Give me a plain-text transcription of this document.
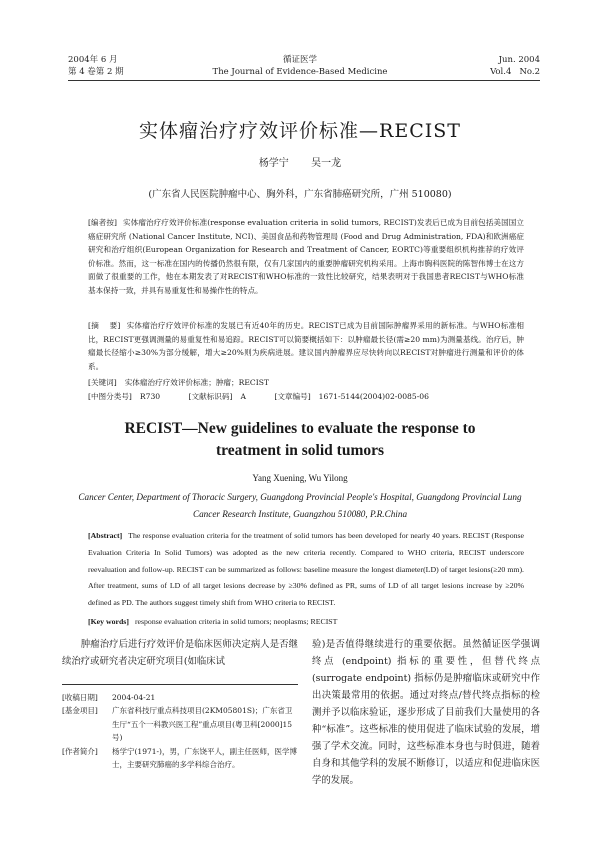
2004年 6 月
第 4 卷第 2 期
循证医学
The Journal of Evidence-Based Medicine
Jun. 2004
Vol.4   No.2
实体瘤治疗疗效评价标准—RECIST
杨学宁  吴一龙
(广东省人民医院肿瘤中心、胸外科，广东省肺癌研究所，广州 510080)
[编者按] 实体瘤治疗疗效评价标准(response evaluation criteria in solid tumors, RECIST)发表后已成为目前包括美国国立癌症研究所 (National Cancer Institute, NCI)、美国食品和药物管理局 (Food and Drug Administration, FDA)和欧洲癌症研究和治疗组织(European Organization for Research and Treatment of Cancer, EORTC)等重要组织机构推荐的疗效评价标准。然而，这一标准在国内的传播仍然很有限，仅有几家国内的重要肿瘤研究机构采用。上海市胸科医院的陈智伟博士在这方面做了很重要的工作，他在本期发表了对RECIST和WHO标准的一致性比较研究，结果表明对于我国患者RECIST与WHO标准基本保持一致，并具有易重复性和易操作性的特点。
[摘    要] 实体瘤治疗疗效评价标准的发展已有近40年的历史。RECIST已成为目前国际肿瘤界采用的新标准。与WHO标准相比，RECIST更强调测量的易重复性和易追踪。RECIST可以简要概括如下：以肿瘤最长径(需≥20 mm)为测量基线。治疗后，肿瘤最长径缩小≥30%为部分缓解，增大≥20%则为疾病进展。建议国内肿瘤界应尽快转向以RECIST对肿瘤进行测量和评价的体系。
[关键词] 实体瘤治疗疗效评价标准；肿瘤；RECIST
[中图分类号] R730	[文献标识码] A	[文章编号] 1671-5144(2004)02-0085-06
RECIST—New guidelines to evaluate the response to treatment in solid tumors
Yang Xuening, Wu Yilong
Cancer Center, Department of Thoracic Surgery, Guangdong Provincial People's Hospital, Guangdong Provincial Lung Cancer Research Institute, Guangzhou 510080, P.R.China
[Abstract] The response evaluation criteria for the treatment of solid tumors has been developed for nearly 40 years. RECIST (Response Evaluation Criteria In Solid Tumors) was adopted as the new criteria recently. Compared to WHO criteria, RECIST underscore reevaluation and follow-up. RECIST can be summarized as follows: baseline measure the longest diameter(LD) of target lesions(≥20 mm). After treatment, sums of LD of all target lesions decrease by ≥30% defined as PR, sums of LD of all target lesions increase by ≥20% defined as PD. The authors suggest timely shift from WHO criteria to RECIST.
[Key words] response evaluation criteria in solid tumors; neoplasms; RECIST
肿瘤治疗后进行疗效评价是临床医师决定病人是否继续治疗或研究者决定研究项目(如临床试
[收稿日期] 2004-04-21
[基金项目] 广东省科技厅重点科技项目(2KM05801S)；广东省卫生厅“五个一科教兴医工程”重点项目(粤卫科[2000]15号)
[作者简介] 杨学宁(1971-)，男，广东饶平人，副主任医师，医学博士，主要研究肺癌的多学科综合治疗。
验)是否值得继续进行的重要依据。虽然循证医学强调终点 (endpoint) 指标的重要性，但替代终点 (surrogate endpoint) 指标仍是肿瘤临床或研究中作出决策最常用的依据。通过对终点/替代终点指标的检测并予以临床验证，逐步形成了目前我们大量使用的各种“标准”。这些标准的使用促进了临床试验的发展，增强了学术交流。同时，这些标准本身也与时俱进，随着自身和其他学科的发展不断修订，以适应和促进临床医学的发展。
